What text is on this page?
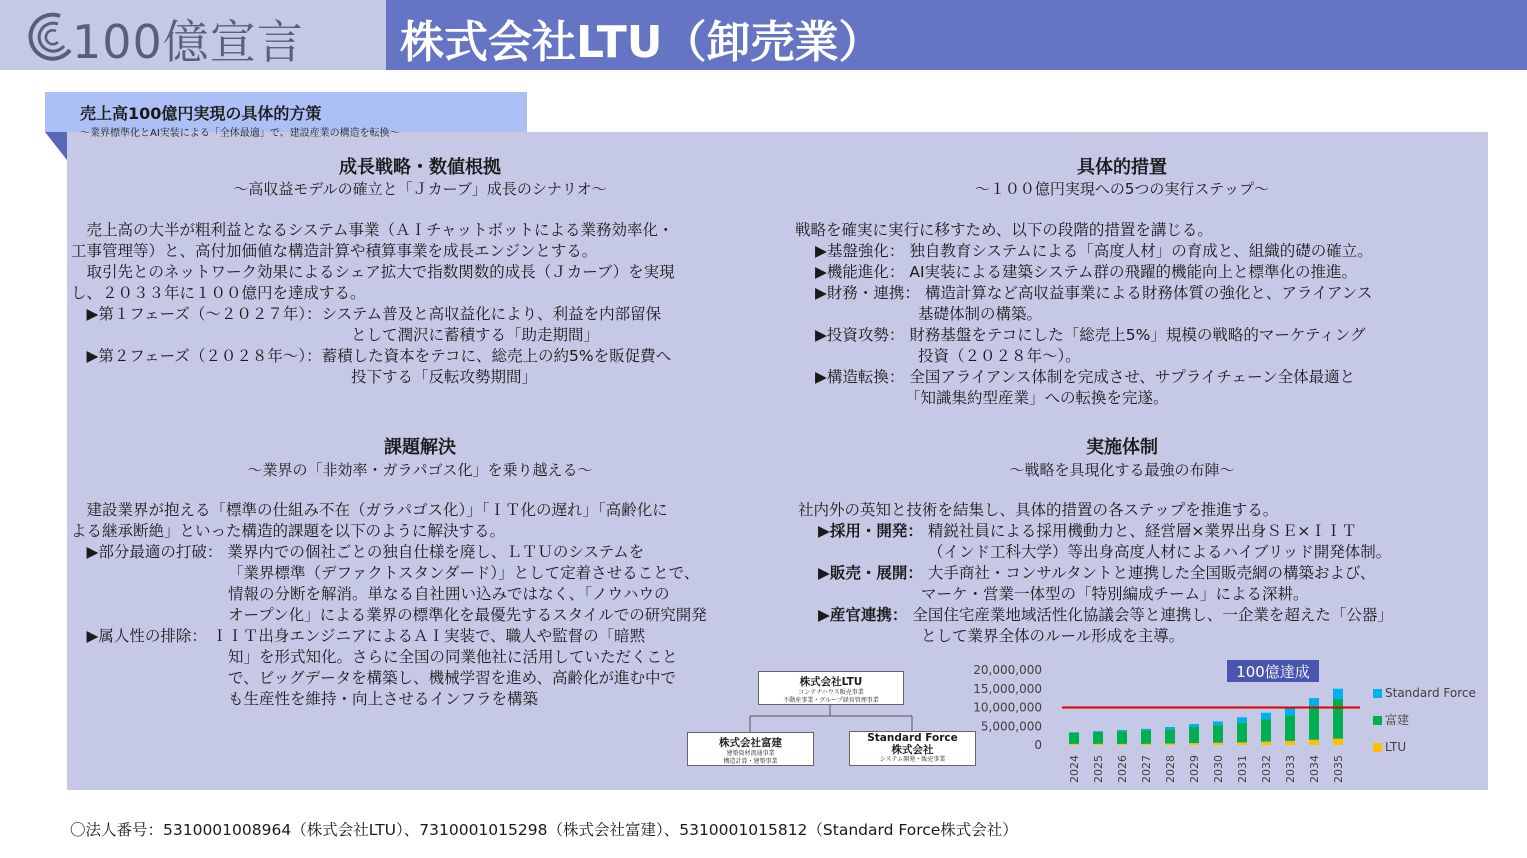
100億宣言 株式会社LTU（卸売業）
売上高100億円実現の具体的方策
～業界標準化とAI実装による「全体最適」で、建設産業の構造を転換～
成長戦略・数値根拠
～高収益モデルの確立と「Ｊカーブ」成長のシナリオ～
　売上高の大半が粗利益となるシステム事業（ＡＩチャットボットによる業務効率化・
工事管理等）と、高付加価値な構造計算や積算事業を成長エンジンとする。
　取引先とのネットワーク効果によるシェア拡大で指数関数的成長（Ｊカーブ）を実現
し、２０３３年に１００億円を達成する。
　▶第１フェーズ（～２０２７年）：システム普及と高収益化により、利益を内部留保
として潤沢に蓄積する「助走期間」
　▶第２フェーズ（２０２８年～）：蓄積した資本をテコに、総売上の約5%を販促費へ
投下する「反転攻勢期間」
具体的措置
～１００億円実現への5つの実行ステップ～
戦略を確実に実行に移すため、以下の段階的措置を講じる。
▶基盤強化： 独自教育システムによる「高度人材」の育成と、組織的礎の確立。
▶機能進化： AI実装による建築システム群の飛躍的機能向上と標準化の推進。
▶財務・連携： 構造計算など高収益事業による財務体質の強化と、アライアンス
基礎体制の構築。
▶投資攻勢： 財務基盤をテコにした「総売上5%」規模の戦略的マーケティング
投資（２０２８年～）。
▶構造転換： 全国アライアンス体制を完成させ、サプライチェーン全体最適と
「知識集約型産業」への転換を完遂。
課題解決
～業界の「非効率・ガラパゴス化」を乗り越える～
　建設業界が抱える「標準の仕組み不在（ガラパゴス化）」「ＩＴ化の遅れ」「高齢化に
よる継承断絶」といった構造的課題を以下のように解決する。
　▶部分最適の打破： 業界内での個社ごとの独自仕様を廃し、ＬＴＵのシステムを
「業界標準（デファクトスタンダード）」として定着させることで、
情報の分断を解消。単なる自社囲い込みではなく、「ノウハウの
オープン化」による業界の標準化を最優先するスタイルでの研究開発
　▶属人性の排除： ＩＩＴ出身エンジニアによるＡＩ実装で、職人や監督の「暗黙
知」を形式知化。さらに全国の同業他社に活用していただくこと
で、ビッグデータを構築し、機械学習を進め、高齢化が進む中で
も生産性を維持・向上させるインフラを構築
実施体制
～戦略を具現化する最強の布陣～
社内外の英知と技術を結集し、具体的措置の各ステップを推進する。
▶採用・開発： 精鋭社員による採用機動力と、経営層×業界出身ＳＥ×ＩＩＴ
（インド工科大学）等出身高度人材によるハイブリッド開発体制。
▶販売・展開： 大手商社・コンサルタントと連携した全国販売網の構築および、
マーケ・営業一体型の「特別編成チーム」による深耕。
▶産官連携： 全国住宅産業地域活性化協議会等と連携し、一企業を超えた「公器」
として業界全体のルール形成を主導。
株式会社LTU
コンテナハウス販売事業
不動産事業・グループ経営管理事業
株式会社富建
建築資材流通事業
構造計算・建築事業
Standard Force
株式会社
システム開発・販売事業
20,000,000
15,000,000
10,000,000
5,000,000
0
2024 2025 2026 2027 2028 2029 2030 2031 2032 2033 2034 2035
100億達成
Standard Force
富建
LTU
〇法人番号：5310001008964（株式会社LTU）、7310001015298（株式会社富建）、5310001015812（Standard Force株式会社）
